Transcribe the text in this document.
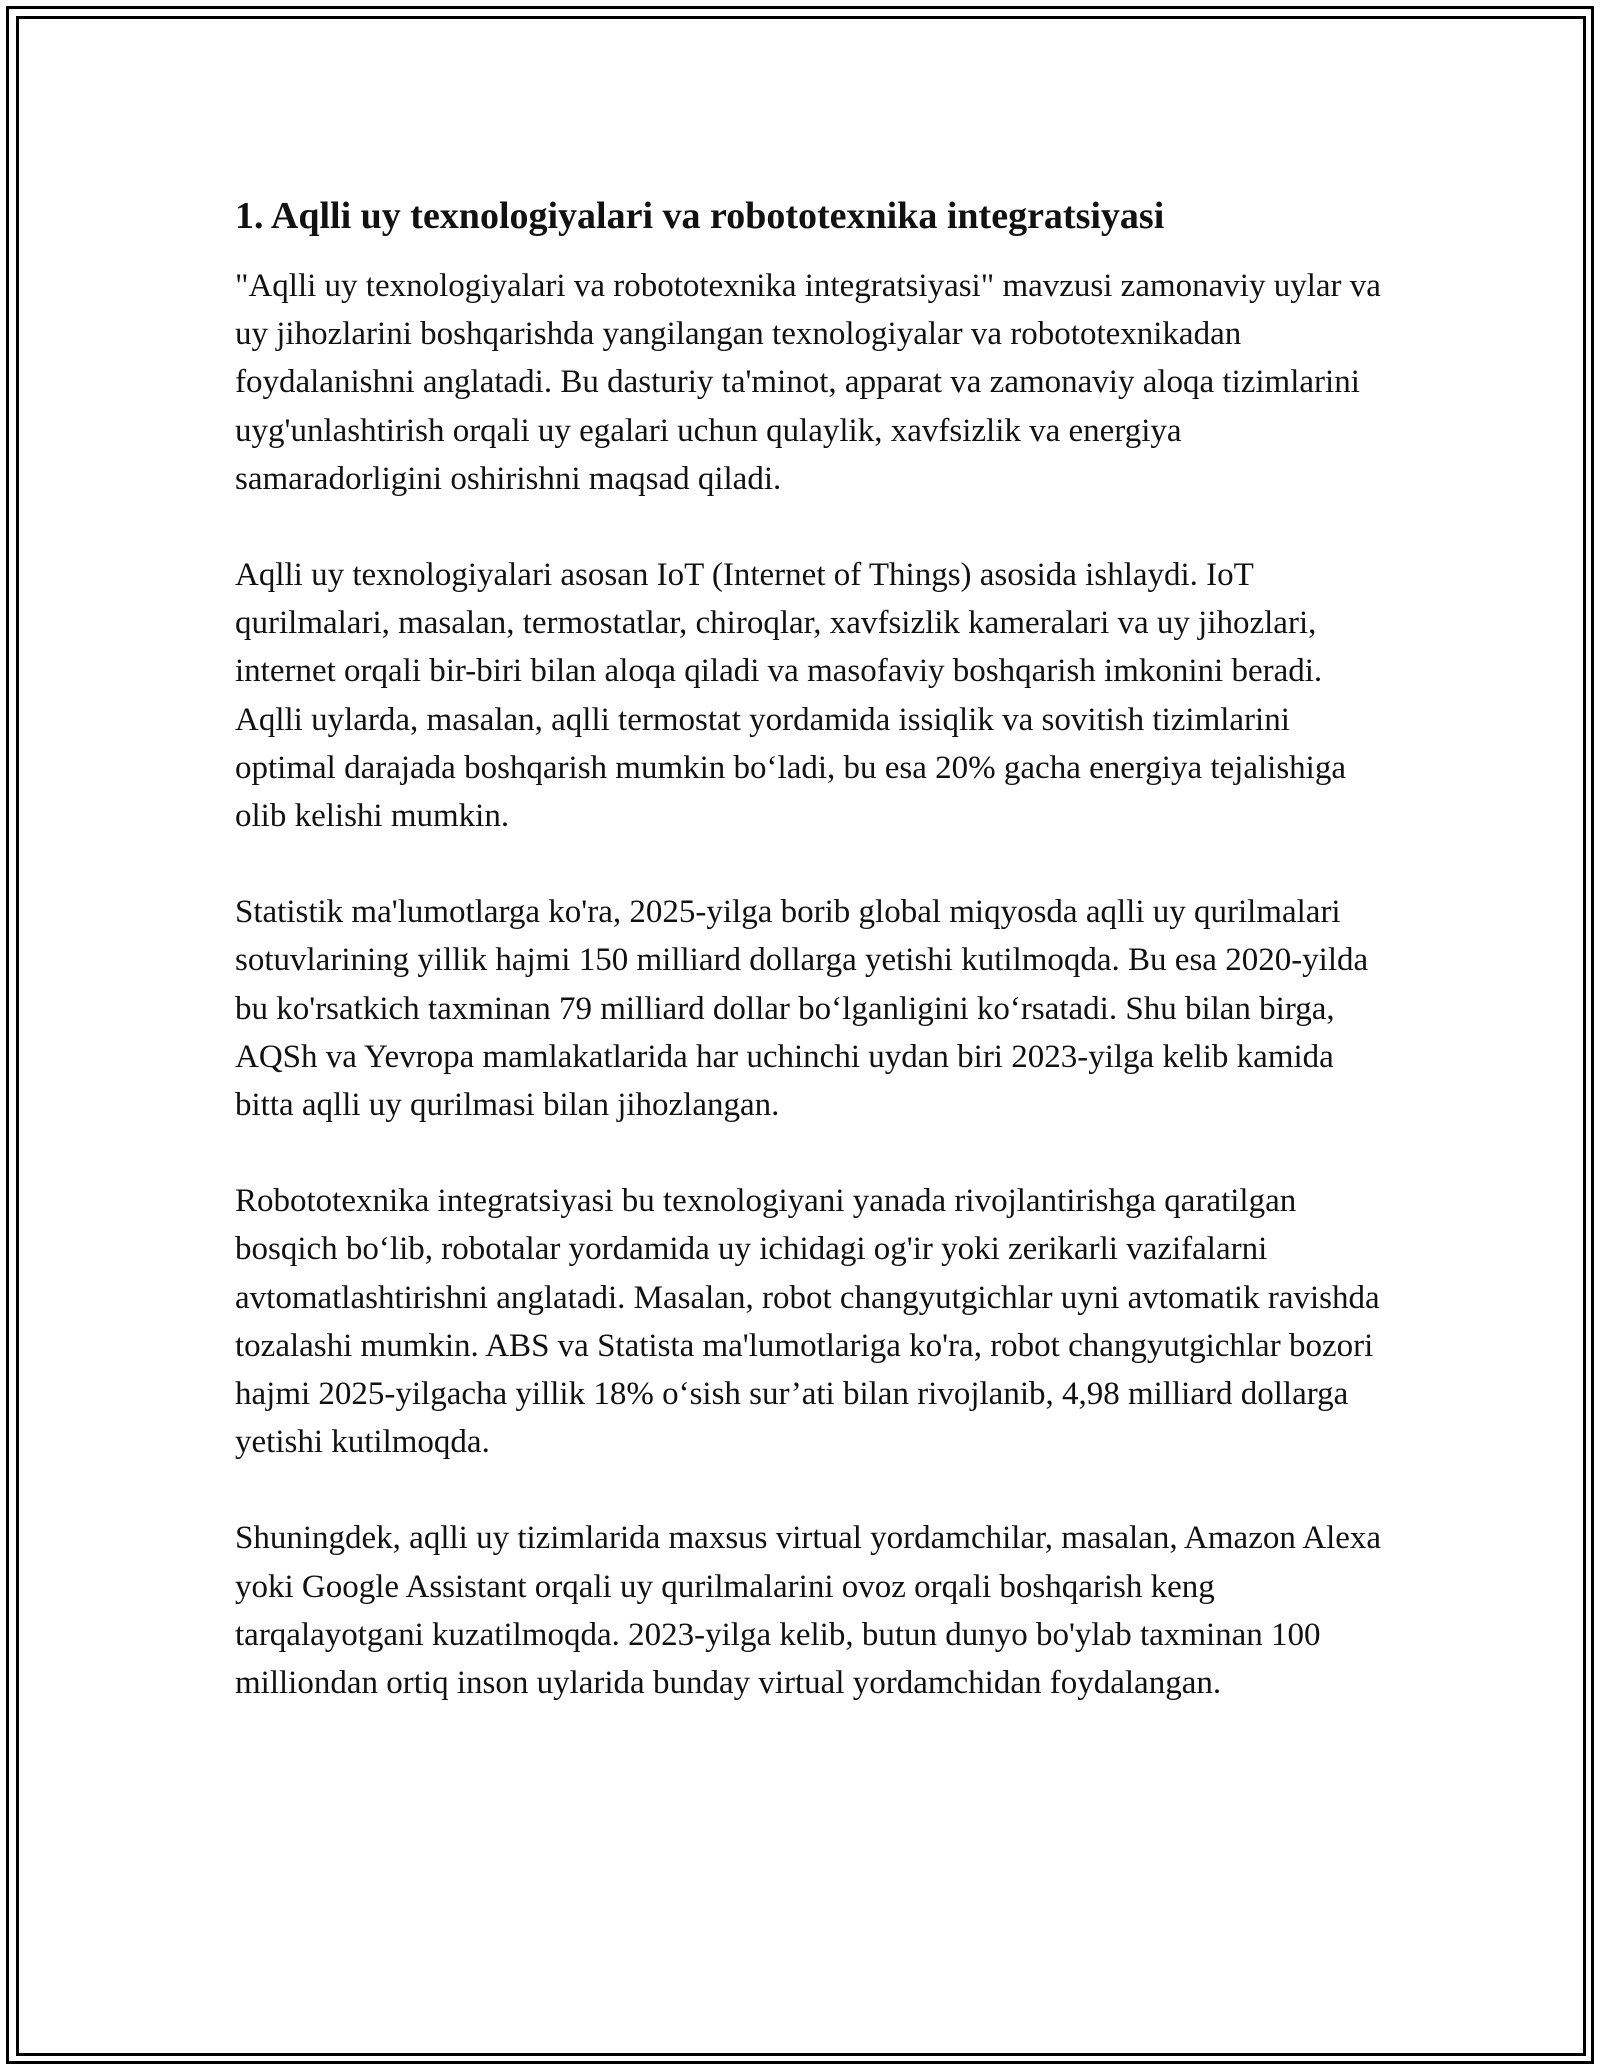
1. Aqlli uy texnologiyalari va robototexnika integratsiyasi

"Aqlli uy texnologiyalari va robototexnika integratsiyasi" mavzusi zamonaviy uylar va uy jihozlarini boshqarishda yangilangan texnologiyalar va robototexnikadan foydalanishni anglatadi. Bu dasturiy ta'minot, apparat va zamonaviy aloqa tizimlarini uyg'unlashtirish orqali uy egalari uchun qulaylik, xavfsizlik va energiya samaradorligini oshirishni maqsad qiladi.

Aqlli uy texnologiyalari asosan IoT (Internet of Things) asosida ishlaydi. IoT qurilmalari, masalan, termostatlar, chiroqlar, xavfsizlik kameralari va uy jihozlari, internet orqali bir-biri bilan aloqa qiladi va masofaviy boshqarish imkonini beradi. Aqlli uylarda, masalan, aqlli termostat yordamida issiqlik va sovitish tizimlarini optimal darajada boshqarish mumkin bo‘ladi, bu esa 20% gacha energiya tejalishiga olib kelishi mumkin.

Statistik ma'lumotlarga ko'ra, 2025-yilga borib global miqyosda aqlli uy qurilmalari sotuvlarining yillik hajmi 150 milliard dollarga yetishi kutilmoqda. Bu esa 2020-yilda bu ko'rsatkich taxminan 79 milliard dollar bo‘lganligini ko‘rsatadi. Shu bilan birga, AQSh va Yevropa mamlakatlarida har uchinchi uydan biri 2023-yilga kelib kamida bitta aqlli uy qurilmasi bilan jihozlangan.

Robototexnika integratsiyasi bu texnologiyani yanada rivojlantirishga qaratilgan bosqich bo‘lib, robotalar yordamida uy ichidagi og'ir yoki zerikarli vazifalarni avtomatlashtirishni anglatadi. Masalan, robot changyutgichlar uyni avtomatik ravishda tozalashi mumkin. ABS va Statista ma'lumotlariga ko'ra, robot changyutgichlar bozori hajmi 2025-yilgacha yillik 18% o‘sish sur’ati bilan rivojlanib, 4,98 milliard dollarga yetishi kutilmoqda.

Shuningdek, aqlli uy tizimlarida maxsus virtual yordamchilar, masalan, Amazon Alexa yoki Google Assistant orqali uy qurilmalarini ovoz orqali boshqarish keng tarqalayotgani kuzatilmoqda. 2023-yilga kelib, butun dunyo bo'ylab taxminan 100 milliondan ortiq inson uylarida bunday virtual yordamchidan foydalangan.
